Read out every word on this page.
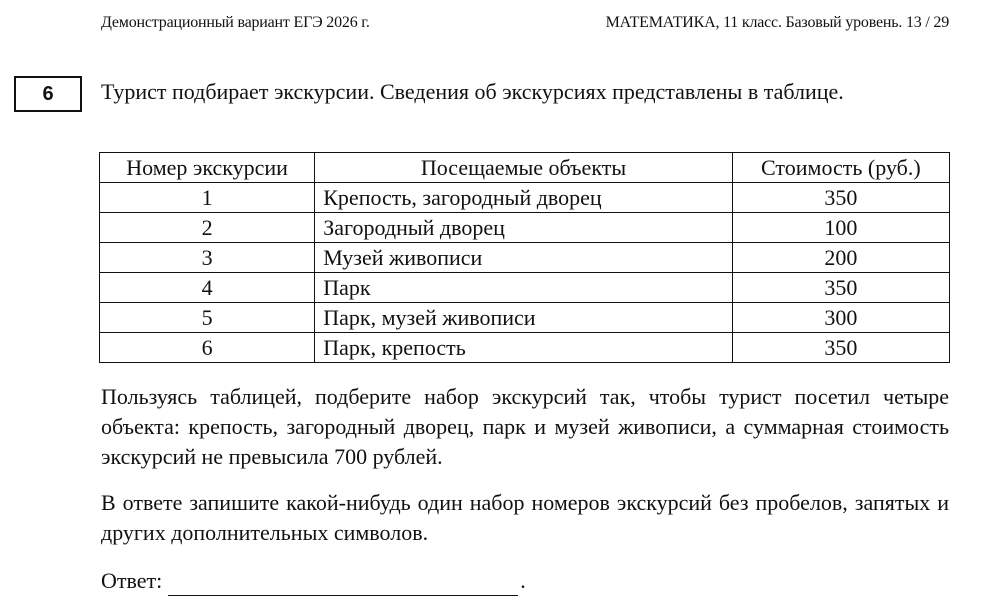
Демонстрационный вариант ЕГЭ 2026 г.	МАТЕМАТИКА, 11 класс. Базовый уровень. 13 / 29
6	Турист подбирает экскурсии. Сведения об экскурсиях представлены в таблице.
Номер экскурсии	Посещаемые объекты	Стоимость (руб.)
1	Крепость, загородный дворец	350
2	Загородный дворец	100
3	Музей живописи	200
4	Парк	350
5	Парк, музей живописи	300
6	Парк, крепость	350
Пользуясь таблицей, подберите набор экскурсий так, чтобы турист посетил четыре объекта: крепость, загородный дворец, парк и музей живописи, а суммарная стоимость экскурсий не превысила 700 рублей.
В ответе запишите какой-нибудь один набор номеров экскурсий без пробелов, запятых и других дополнительных символов.
Ответ:	.
